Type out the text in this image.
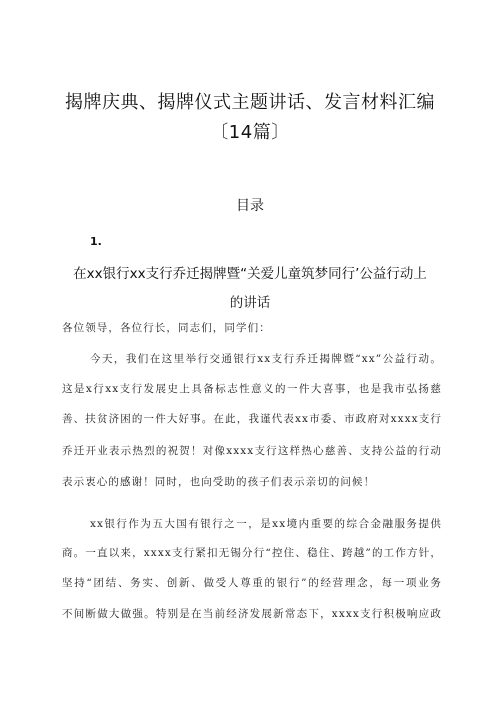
揭牌庆典、揭牌仪式主题讲话、发言材料汇编
〔14篇〕
目录
1.
在xx银行xx支行乔迁揭牌暨“关爱儿童筑梦同行’公益行动上
的讲话
各位领导，各位行长，同志们，同学们：
今天，我们在这里举行交通银行xx支行乔迁揭牌暨“xx”公益行动。
这是x行xx支行发展史上具备标志性意义的一件大喜事，也是我市弘扬慈
善、扶贫济困的一件大好事。在此，我谨代表xx市委、市政府对xxxx支行
乔迁开业表示热烈的祝贺！对像xxxx支行这样热心慈善、支持公益的行动
表示衷心的感谢！同时，也向受助的孩子们表示亲切的问候！
xx银行作为五大国有银行之一，是xx境内重要的综合金融服务提供
商。一直以来，xxxx支行紧扣无锡分行“控住、稳住、跨越”的工作方针，
坚持“团结、务实、创新、做受人尊重的银行”的经营理念，每一项业务
不间断做大做强。特别是在当前经济发展新常态下，xxxx支行积极响应政
